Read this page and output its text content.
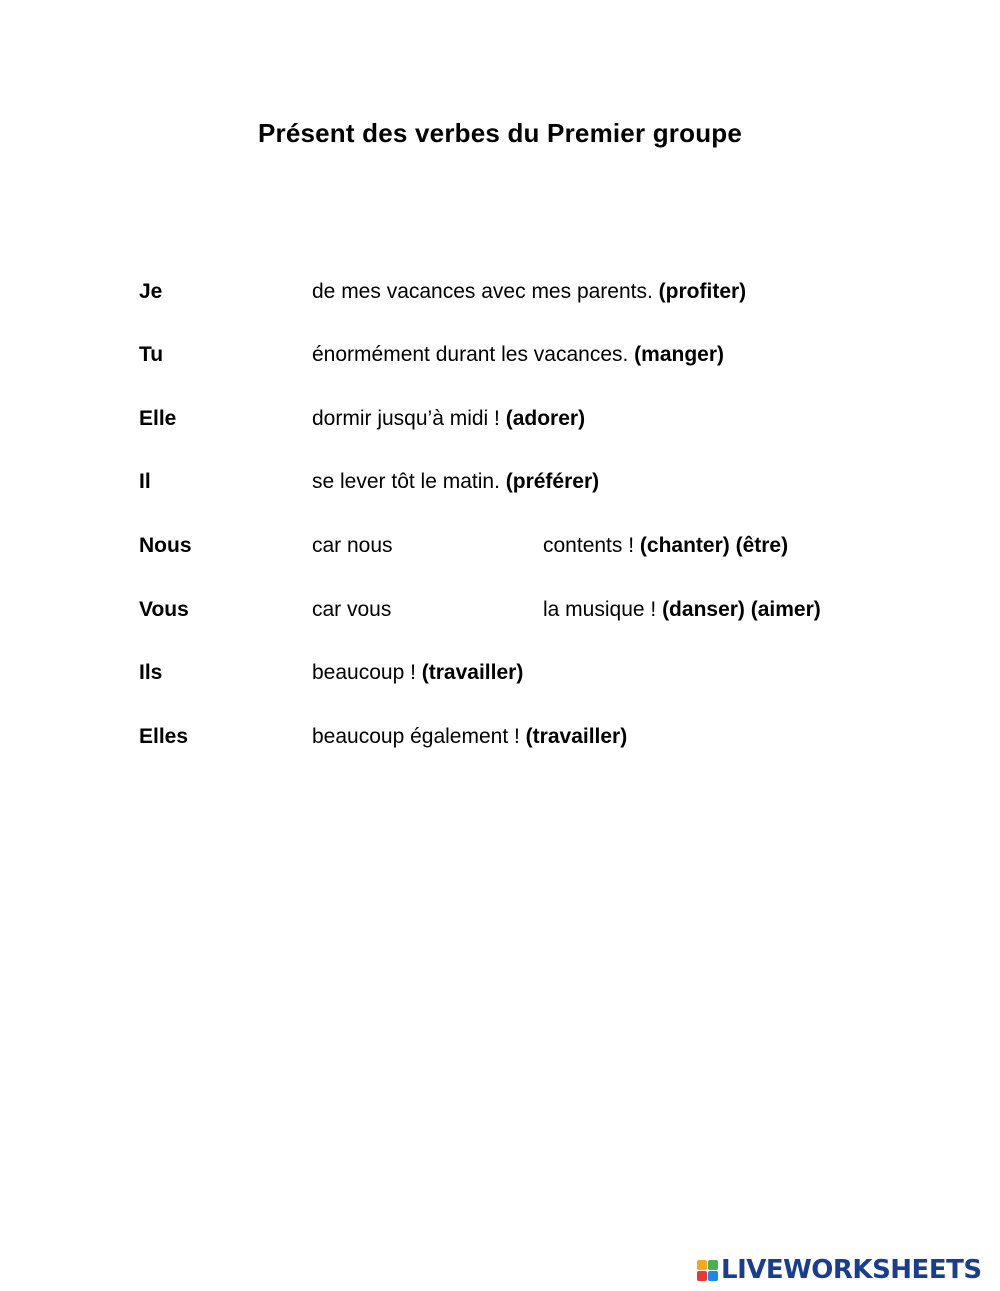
Présent des verbes du Premier groupe
Je	de mes vacances avec mes parents. (profiter)
Tu	énormément durant les vacances. (manger)
Elle	dormir jusqu’à midi ! (adorer)
Il	se lever tôt le matin. (préférer)
Nous	car nous	contents ! (chanter) (être)
Vous	car vous	la musique ! (danser) (aimer)
Ils	beaucoup ! (travailler)
Elles	beaucoup également ! (travailler)
LIVEWORKSHEETS
